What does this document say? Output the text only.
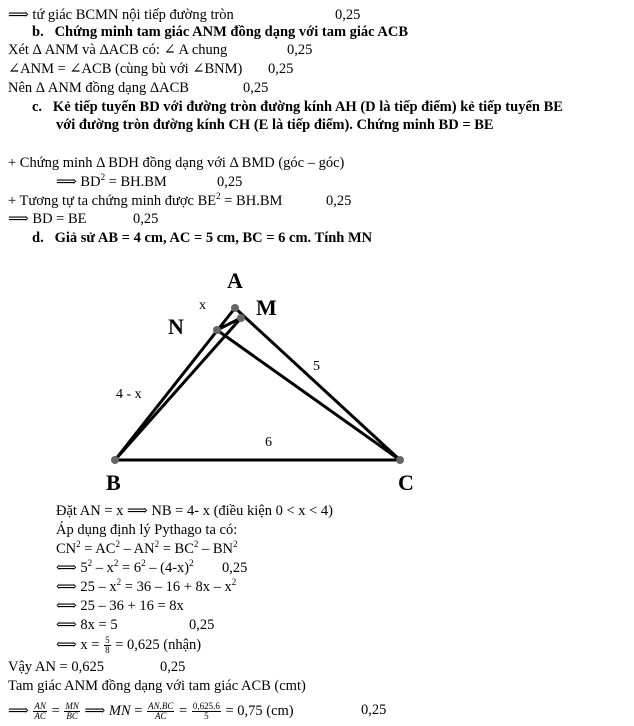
⟹ tứ giác BCMN nội tiếp đường tròn	0,25
b.   Chứng minh tam giác ANM đồng dạng với tam giác ACB
Xét Δ ANM và ΔACB có: ∠ A chung	0,25
∠ANM = ∠ACB (cùng bù với ∠BNM) 0,25
Nên Δ ANM đồng dạng ΔACB	0,25
c.   Kẻ tiếp tuyến BD với đường tròn đường kính AH (D là tiếp điểm) kẻ tiếp tuyến BE
với đường tròn đường kính CH (E là tiếp điểm). Chứng minh BD = BE
+ Chứng minh Δ BDH đồng dạng với Δ BMD (góc – góc)
⟹ $BD^2 = BH.BM$	0,25
+ Tương tự ta chứng minh được $BE^2 = BH.BM$	0,25
⟹ BD = BE	0,25
d.   Giả sử AB = 4 cm, AC = 5 cm, BC = 6 cm. Tính MN
A
M
N
B	C
x
5
4 - x
6
Đặt AN = x ⟹ NB = 4- x (điều kiện 0 < x < 4)
Áp dụng định lý Pythago ta có:
$CN^2 = AC^2 - AN^2 = BC^2 - BN^2$
⟺ $5^2 - x^2 = 6^2 - (4-x)^2$ 0,25
⟺ $25 - x^2 = 36 - 16 + 8x - x^2$
⟺ 25 – 36 + 16 = 8x
⟺ 8x = 5	0,25
⟺ $x = \frac{5}{8} = 0,625$ (nhận)
Vậy AN = 0,625	0,25
Tam giác ANM đồng dạng với tam giác ACB (cmt)
⟹ $\frac{AN}{AC} = \frac{MN}{BC}$ ⟹ MN = $\frac{AN.BC}{AC} = \frac{0,625.6}{5} = 0,75$ (cm)	0,25
